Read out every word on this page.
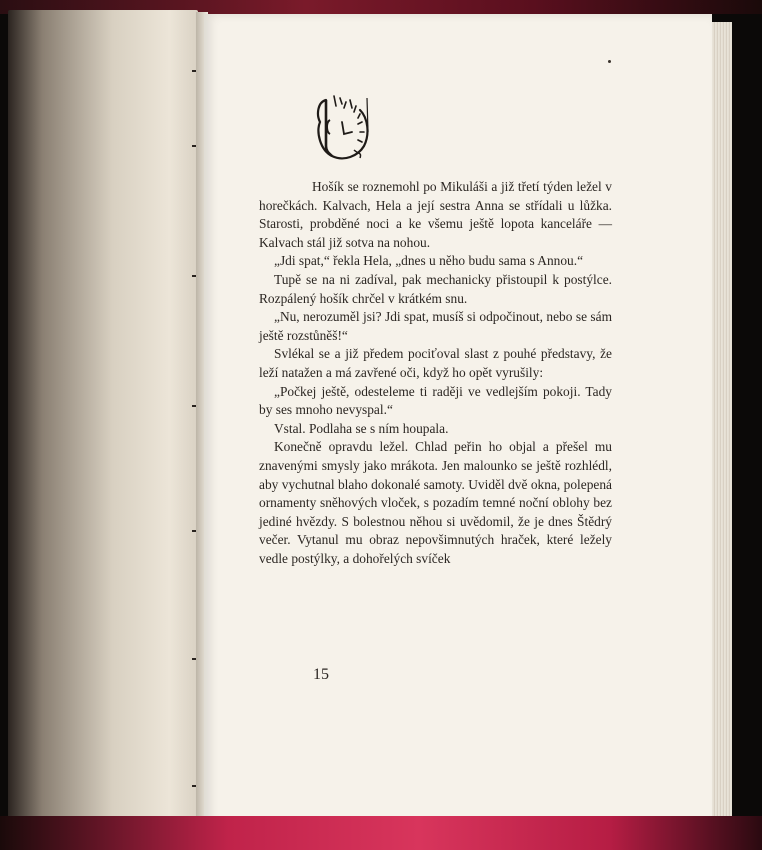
Hošík se roznemohl po Mikuláši a již třetí týden ležel v horečkách. Kalvach, Hela a její sestra Anna se střídali u lůžka. Starosti, probděné noci a ke všemu ještě lopota kanceláře — Kalvach stál již sotva na nohou.

„Jdi spat,“ řekla Hela, „dnes u něho budu sama s Annou.“

Tupě se na ni zadíval, pak mechanicky přistoupil k postýlce. Rozpálený hošík chrčel v krátkém snu.

„Nu, nerozuměl jsi? Jdi spat, musíš si odpočinout, nebo se sám ještě rozstůněš!“

Svlékal se a již předem pociťoval slast z pouhé představy, že leží natažen a má zavřené oči, když ho opět vyrušily:

„Počkej ještě, odesteleme ti raději ve vedlejším pokoji. Tady by ses mnoho nevyspal.“

Vstal. Podlaha se s ním houpala.

Konečně opravdu ležel. Chlad peřin ho objal a přešel mu znavenými smysly jako mrákota. Jen malounko se ještě rozhlédl, aby vychutnal blaho dokonalé samoty. Uviděl dvě okna, polepená ornamenty sněhových vloček, s pozadím temné noční oblohy bez jediné hvězdy. S bolestnou něhou si uvědomil, že je dnes Štědrý večer. Vytanul mu obraz nepovšimnutých hraček, které ležely vedle postýlky, a dohořelých svíček

15
